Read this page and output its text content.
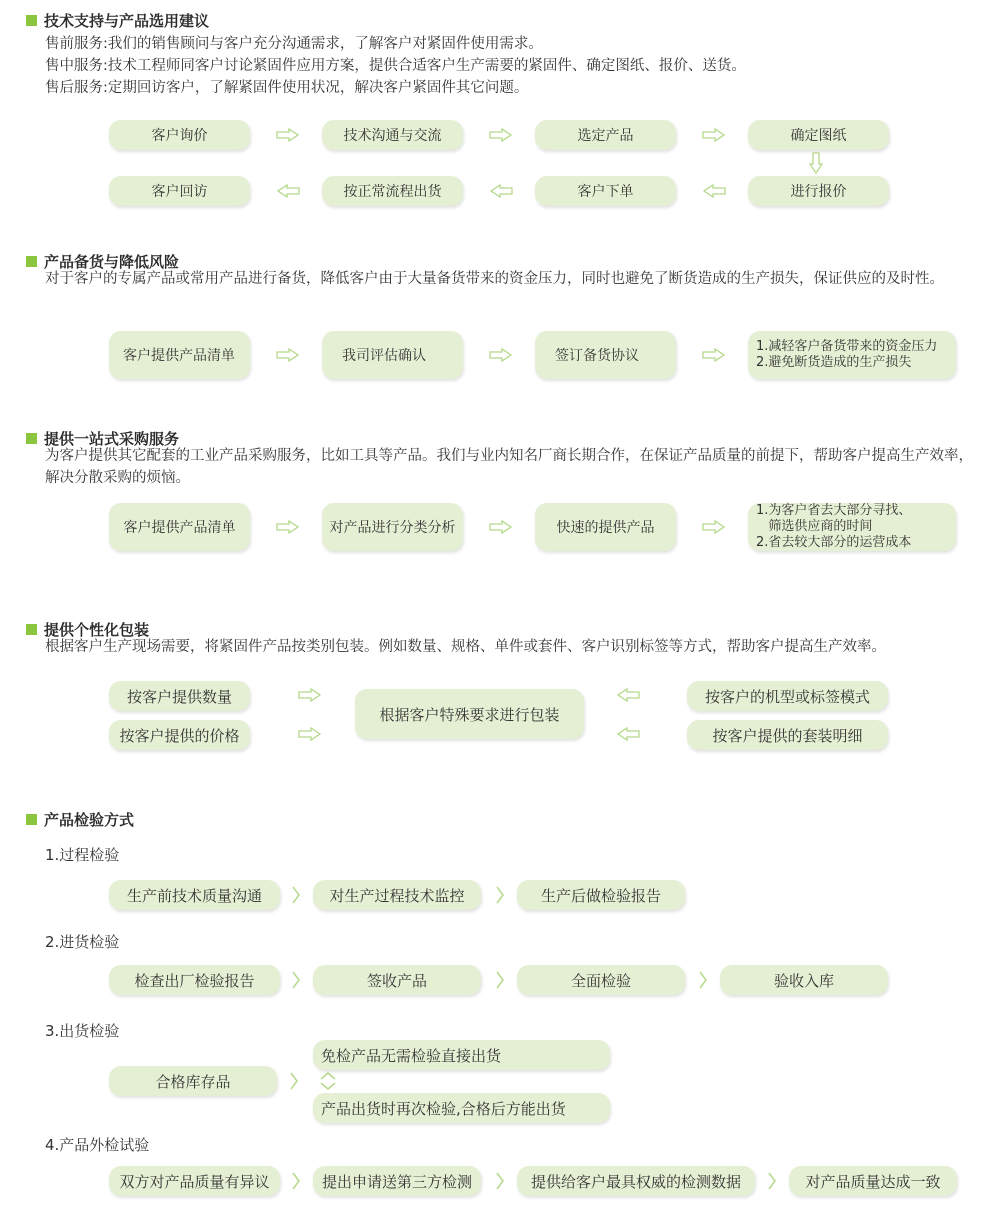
技术支持与产品选用建议
售前服务:我们的销售顾问与客户充分沟通需求，了解客户对紧固件使用需求。
售中服务:技术工程师同客户讨论紧固件应用方案，提供合适客户生产需要的紧固件、确定图纸、报价、送货。
售后服务:定期回访客户，了解紧固件使用状况，解决客户紧固件其它问题。
客户询价	技术沟通与交流	选定产品	确定图纸
客户回访	按正常流程出货	客户下单	进行报价
产品备货与降低风险
对于客户的专属产品或常用产品进行备货，降低客户由于大量备货带来的资金压力，同时也避免了断货造成的生产损失，保证供应的及时性。
客户提供产品清单	我司评估确认	签订备货协议
1.减轻客户备货带来的资金压力
2.避免断货造成的生产损失
提供一站式采购服务
为客户提供其它配套的工业产品采购服务，比如工具等产品。我们与业内知名厂商长期合作，在保证产品质量的前提下，帮助客户提高生产效率，解决分散采购的烦恼。
客户提供产品清单	对产品进行分类分析	快速的提供产品
1.为客户省去大部分寻找、
筛选供应商的时间
2.省去较大部分的运营成本
提供个性化包装
根据客户生产现场需要，将紧固件产品按类别包装。例如数量、规格、单件或套件、客户识别标签等方式，帮助客户提高生产效率。
按客户提供数量
按客户提供的价格
根据客户特殊要求进行包装
按客户的机型或标签模式
按客户提供的套装明细
产品检验方式
1.过程检验
生产前技术质量沟通	对生产过程技术监控	生产后做检验报告
2.进货检验
检查出厂检验报告	签收产品	全面检验	验收入库
3.出货检验
免检产品无需检验直接出货
合格库存品
产品出货时再次检验,合格后方能出货
4.产品外检试验
双方对产品质量有异议	提出申请送第三方检测	提供给客户最具权威的检测数据	对产品质量达成一致
